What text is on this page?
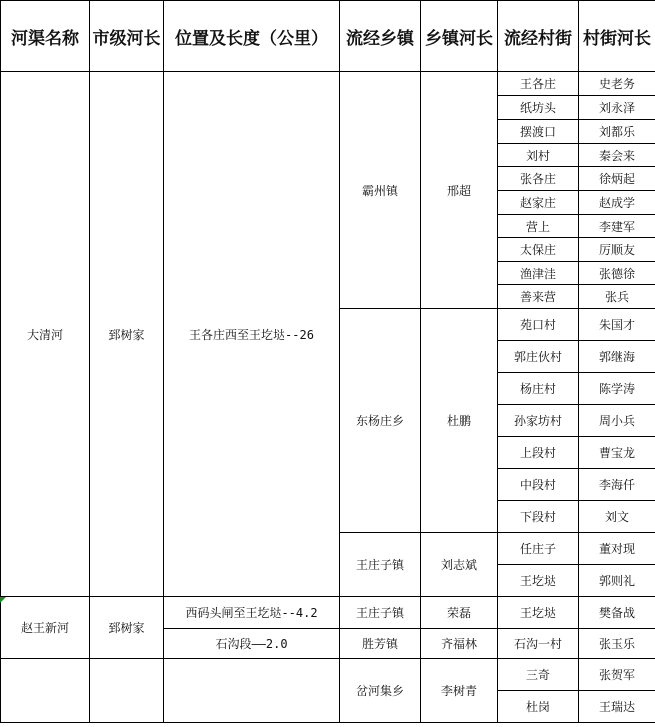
河渠名称	市级河长	位置及长度（公里）	流经乡镇	乡镇河长	流经村街	村街河长
大清河	郅树家	王各庄西至王圪垯--26	霸州镇	邢超	王各庄	史老务
					纸坊头	刘永泽
					摆渡口	刘都乐
					刘村	秦会来
					张各庄	徐炳起
					赵家庄	赵成学
					营上	李建军
					太保庄	厉顺友
					渔津洼	张德徐
					善来营	张兵
			东杨庄乡	杜鹏	苑口村	朱国才
					郭庄伙村	郭继海
					杨庄村	陈学涛
					孙家坊村	周小兵
					上段村	曹宝龙
					中段村	李海仟
					下段村	刘文
			王庄子镇	刘志斌	任庄子	董对现
					王圪垯	郭则礼
赵王新河	郅树家	西码头闸至王圪垯--4.2	王庄子镇	荣磊	王圪垯	樊备战
		石沟段——2.0	胜芳镇	齐福林	石沟一村	张玉乐
			岔河集乡	李树青	三奇	张贺军
					杜岗	王瑞达
